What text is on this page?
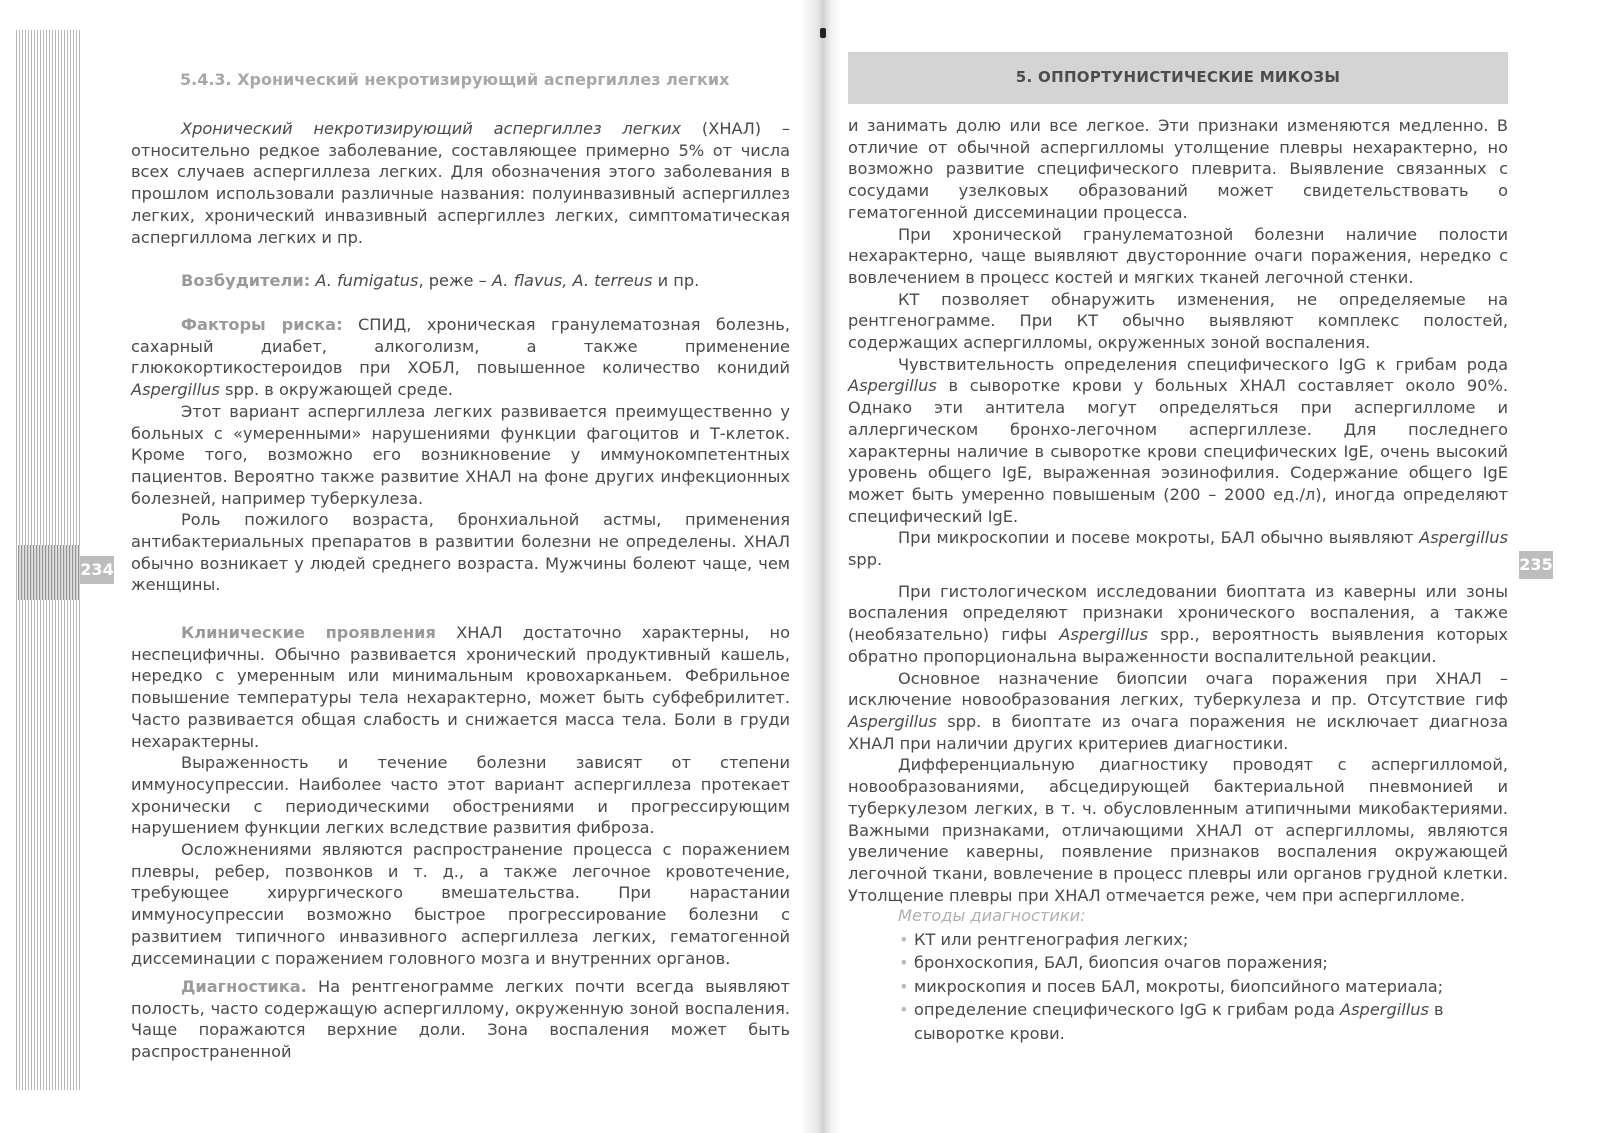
5.4.3. Хронический некротизирующий аспергиллез легких

Хронический некротизирующий аспергиллез легких (ХНАЛ) – относительно редкое заболевание, составляющее примерно 5% от числа всех случаев аспергиллеза легких. Для обозначения этого заболевания в прошлом использовали различные названия: полуинвазивный аспергиллез легких, хронический инвазивный аспергиллез легких, симптоматическая аспергиллома легких и пр.

Возбудители: A. fumigatus, реже – A. flavus, A. terreus и пр.

Факторы риска: СПИД, хроническая гранулематозная болезнь, сахарный диабет, алкоголизм, а также применение глюкокортикостероидов при ХОБЛ, повышенное количество конидий Aspergillus spp. в окружающей среде.

Этот вариант аспергиллеза легких развивается преимущественно у больных с «умеренными» нарушениями функции фагоцитов и Т-клеток. Кроме того, возможно его возникновение у иммунокомпетентных пациентов. Вероятно также развитие ХНАЛ на фоне других инфекционных болезней, например туберкулеза.

Роль пожилого возраста, бронхиальной астмы, применения антибактериальных препаратов в развитии болезни не определены. ХНАЛ обычно возникает у людей среднего возраста. Мужчины болеют чаще, чем женщины.

Клинические проявления ХНАЛ достаточно характерны, но неспецифичны. Обычно развивается хронический продуктивный кашель, нередко с умеренным или минимальным кровохарканьем. Фебрильное повышение температуры тела нехарактерно, может быть субфебрилитет. Часто развивается общая слабость и снижается масса тела. Боли в груди нехарактерны.

Выраженность и течение болезни зависят от степени иммуносупрессии. Наиболее часто этот вариант аспергиллеза протекает хронически с периодическими обострениями и прогрессирующим нарушением функции легких вследствие развития фиброза.

Осложнениями являются распространение процесса с поражением плевры, ребер, позвонков и т. д., а также легочное кровотечение, требующее хирургического вмешательства. При нарастании иммуносупрессии возможно быстрое прогрессирование болезни с развитием типичного инвазивного аспергиллеза легких, гематогенной диссеминации с поражением головного мозга и внутренних органов.

Диагностика. На рентгенограмме легких почти всегда выявляют полость, часто содержащую аспергиллому, окруженную зоной воспаления. Чаще поражаются верхние доли. Зона воспаления может быть распространенной

234
5. ОППОРТУНИСТИЧЕСКИЕ МИКОЗЫ

и занимать долю или все легкое. Эти признаки изменяются медленно. В отличие от обычной аспергилломы утолщение плевры нехарактерно, но возможно развитие специфического плеврита. Выявление связанных с сосудами узелковых образований может свидетельствовать о гематогенной диссеминации процесса.

При хронической гранулематозной болезни наличие полости нехарактерно, чаще выявляют двусторонние очаги поражения, нередко с вовлечением в процесс костей и мягких тканей легочной стенки.

КТ позволяет обнаружить изменения, не определяемые на рентгенограмме. При КТ обычно выявляют комплекс полостей, содержащих аспергилломы, окруженных зоной воспаления.

Чувствительность определения специфического IgG к грибам рода Aspergillus в сыворотке крови у больных ХНАЛ составляет около 90%. Однако эти антитела могут определяться при аспергилломе и аллергическом бронхо-легочном аспергиллезе. Для последнего характерны наличие в сыворотке крови специфических IgE, очень высокий уровень общего IgE, выраженная эозинофилия. Содержание общего IgE может быть умеренно повышеным (200 – 2000 ед./л), иногда определяют специфический IgE.

При микроскопии и посеве мокроты, БАЛ обычно выявляют Aspergillus spp.

При гистологическом исследовании биоптата из каверны или зоны воспаления определяют признаки хронического воспаления, а также (необязательно) гифы Aspergillus spp., вероятность выявления которых обратно пропорциональна выраженности воспалительной реакции.

Основное назначение биопсии очага поражения при ХНАЛ – исключение новообразования легких, туберкулеза и пр. Отсутствие гиф Aspergillus spp. в биоптате из очага поражения не исключает диагноза ХНАЛ при наличии других критериев диагностики.

Дифференциальную диагностику проводят с аспергилломой, новообразованиями, абсцедирующей бактериальной пневмонией и туберкулезом легких, в т. ч. обусловленным атипичными микобактериями. Важными признаками, отличающими ХНАЛ от аспергилломы, являются увеличение каверны, появление признаков воспаления окружающей легочной ткани, вовлечение в процесс плевры или органов грудной клетки. Утолщение плевры при ХНАЛ отмечается реже, чем при аспергилломе.

Методы диагностики:
• КТ или рентгенография легких;
• бронхоскопия, БАЛ, биопсия очагов поражения;
• микроскопия и посев БАЛ, мокроты, биопсийного материала;
• определение специфического IgG к грибам рода Aspergillus в сыворотке крови.
235
